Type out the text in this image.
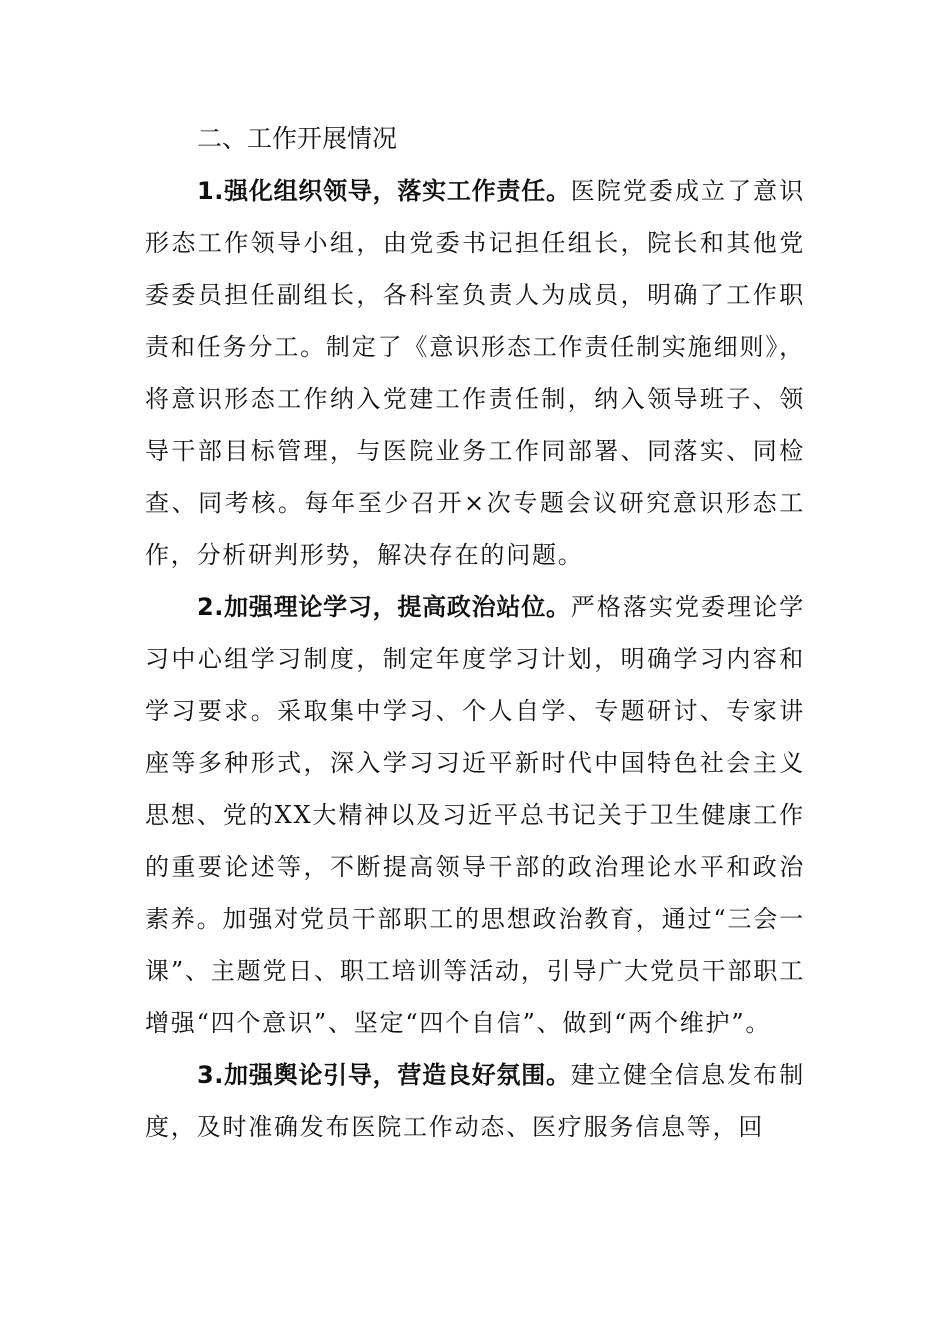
二、工作开展情况

1.强化组织领导，落实工作责任。医院党委成立了意识形态工作领导小组，由党委书记担任组长，院长和其他党委委员担任副组长，各科室负责人为成员，明确了工作职责和任务分工。制定了《意识形态工作责任制实施细则》，将意识形态工作纳入党建工作责任制，纳入领导班子、领导干部目标管理，与医院业务工作同部署、同落实、同检查、同考核。每年至少召开×次专题会议研究意识形态工作，分析研判形势，解决存在的问题。

2.加强理论学习，提高政治站位。严格落实党委理论学习中心组学习制度，制定年度学习计划，明确学习内容和学习要求。采取集中学习、个人自学、专题研讨、专家讲座等多种形式，深入学习习近平新时代中国特色社会主义思想、党的XX大精神以及习近平总书记关于卫生健康工作的重要论述等，不断提高领导干部的政治理论水平和政治素养。加强对党员干部职工的思想政治教育，通过“三会一课”、主题党日、职工培训等活动，引导广大党员干部职工增强“四个意识”、坚定“四个自信”、做到“两个维护”。

3.加强舆论引导，营造良好氛围。建立健全信息发布制度，及时准确发布医院工作动态、医疗服务信息等，回
